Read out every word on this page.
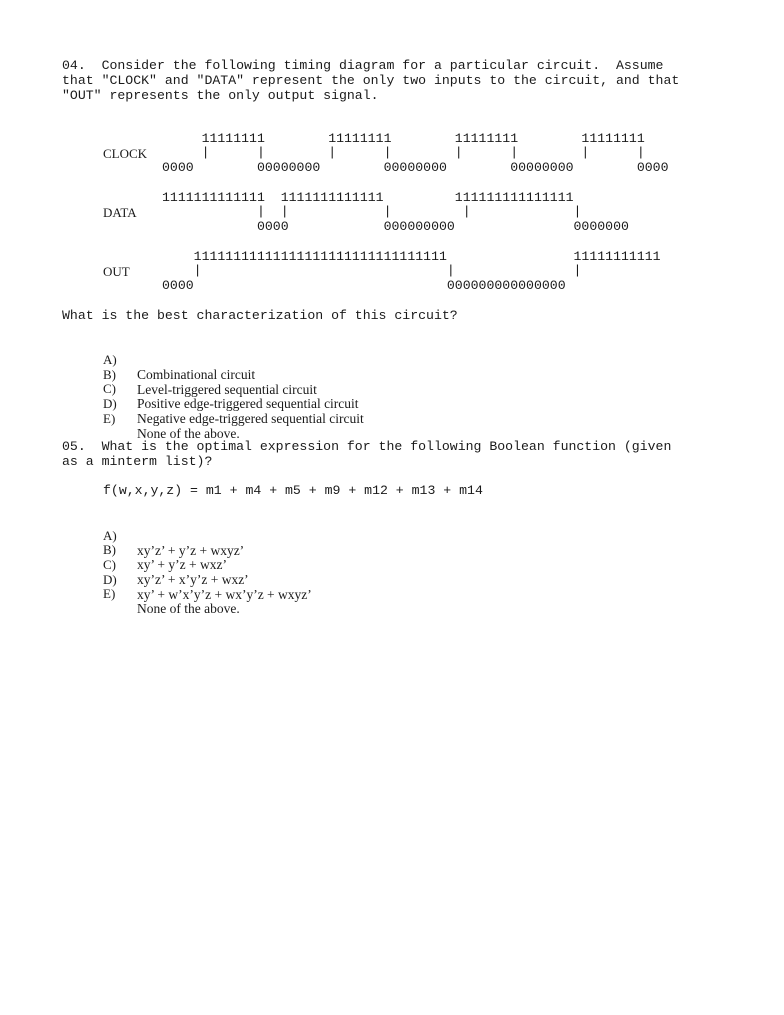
04.  Consider the following timing diagram for a particular circuit.  Assume
that "CLOCK" and "DATA" represent the only two inputs to the circuit, and that
"OUT" represents the only output signal.
CLOCK
11111111        11111111        11111111        11111111
|      |        |      |        |      |        |      |
0000        00000000        00000000        00000000        0000
DATA
1111111111111  1111111111111         111111111111111
|  |            |         |             |
0000            000000000               0000000
OUT
11111111111111111111111111111111                11111111111
|                               |               |
0000                                000000000000000
What is the best characterization of this circuit?

A)

Combinational circuit

B)

Level-triggered sequential circuit

C)

Positive edge-triggered sequential circuit

D)

Negative edge-triggered sequential circuit

E)

None of the above.

05.  What is the optimal expression for the following Boolean function (given
as a minterm list)?
f(w,x,y,z) = m1 + m4 + m5 + m9 + m12 + m13 + m14

A)

xy’z’ + y’z + wxyz’

B)

xy’ + y’z + wxz’

C)

xy’z’ + x’y’z + wxz’

D)

xy’ + w’x’y’z + wx’y’z + wxyz’

E)

None of the above.
